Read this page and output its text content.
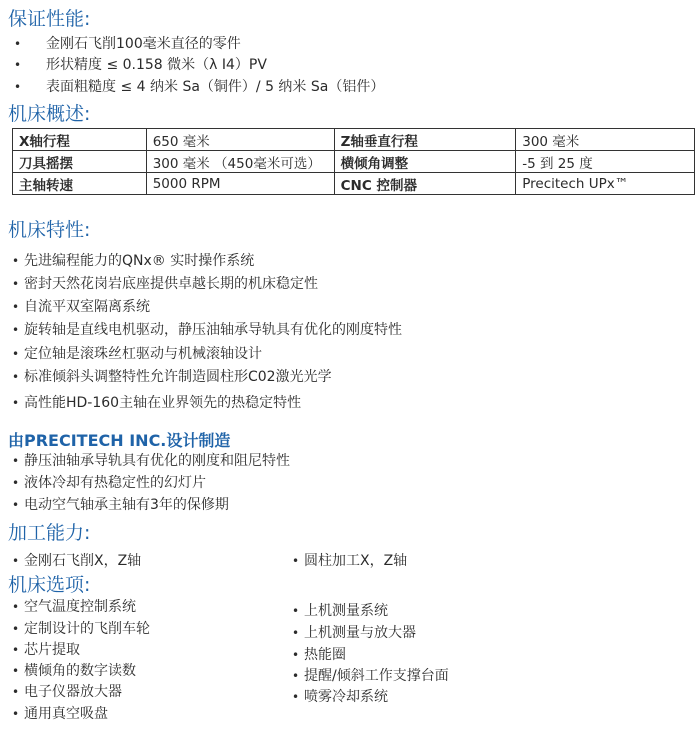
保证性能:
• 金刚石飞削100毫米直径的零件
• 形状精度 ≤ 0.158 微米（λ I4）PV
• 表面粗糙度 ≤ 4 纳米 Sa（铜件）/ 5 纳米 Sa（铝件）
机床概述:
X轴行程	650 毫米	Z轴垂直行程	300 毫米
刀具摇摆	300 毫米 （450毫米可选）	横倾角调整	-5 到 25 度
主轴转速	5000 RPM	CNC 控制器	Precitech UPx™
机床特性:
• 先进编程能力的QNx® 实时操作系统
• 密封天然花岗岩底座提供卓越长期的机床稳定性
• 自流平双室隔离系统
• 旋转轴是直线电机驱动，静压油轴承导轨具有优化的刚度特性
• 定位轴是滚珠丝杠驱动与机械滚轴设计
• 标准倾斜头调整特性允许制造圆柱形C02激光光学
• 高性能HD-160主轴在业界领先的热稳定特性
由PRECITECH INC.设计制造
• 静压油轴承导轨具有优化的刚度和阻尼特性
• 液体冷却有热稳定性的幻灯片
• 电动空气轴承主轴有3年的保修期
加工能力:
• 金刚石飞削X，Z轴	• 圆柱加工X，Z轴
机床选项:
• 空气温度控制系统
• 定制设计的飞削车轮
• 芯片提取
• 横倾角的数字读数
• 电子仪器放大器
• 通用真空吸盘
• 上机测量系统
• 上机测量与放大器
• 热能圈
• 提醒/倾斜工作支撑台面
• 喷雾冷却系统
